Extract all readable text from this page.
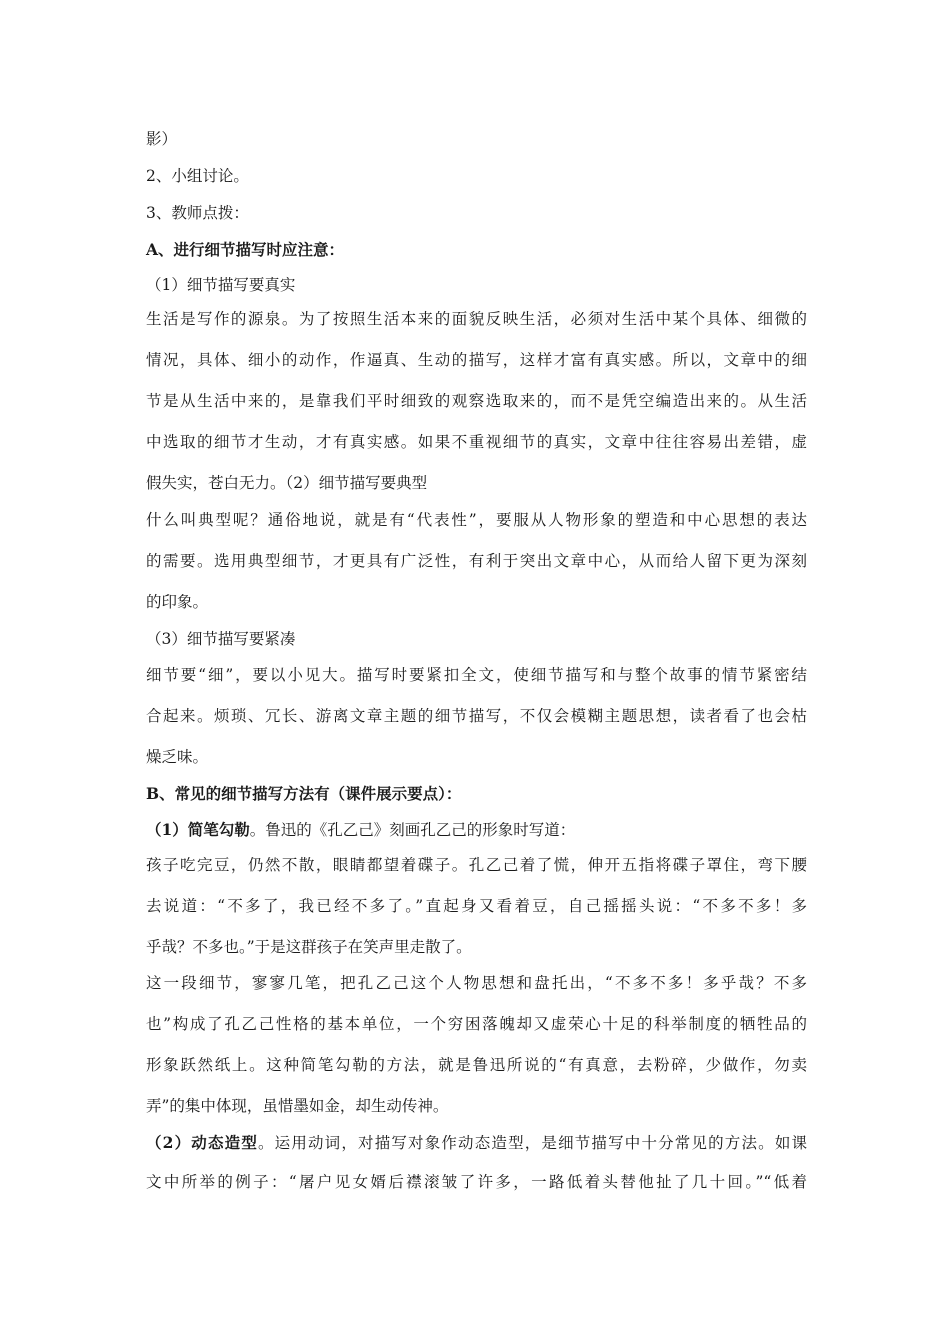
影）
2、小组讨论。
3、教师点拨：
A、进行细节描写时应注意：
（1）细节描写要真实
生活是写作的源泉。为了按照生活本来的面貌反映生活，必须对生活中某个具体、细微的
情况，具体、细小的动作，作逼真、生动的描写，这样才富有真实感。所以，文章中的细
节是从生活中来的，是靠我们平时细致的观察选取来的，而不是凭空编造出来的。从生活
中选取的细节才生动，才有真实感。如果不重视细节的真实，文章中往往容易出差错，虚
假失实，苍白无力。（2）细节描写要典型
什么叫典型呢？通俗地说，就是有“代表性”，要服从人物形象的塑造和中心思想的表达
的需要。选用典型细节，才更具有广泛性，有利于突出文章中心，从而给人留下更为深刻
的印象。
（3）细节描写要紧凑
细节要“细”，要以小见大。描写时要紧扣全文，使细节描写和与整个故事的情节紧密结
合起来。烦琐、冗长、游离文章主题的细节描写，不仅会模糊主题思想，读者看了也会枯
燥乏味。
B、常见的细节描写方法有（课件展示要点）：
（1）简笔勾勒。鲁迅的《孔乙己》刻画孔乙己的形象时写道：
孩子吃完豆，仍然不散，眼睛都望着碟子。孔乙己着了慌，伸开五指将碟子罩住，弯下腰
去说道：“不多了，我已经不多了。”直起身又看着豆，自己摇摇头说：“不多不多！多
乎哉？不多也。”于是这群孩子在笑声里走散了。
这一段细节，寥寥几笔，把孔乙己这个人物思想和盘托出，“不多不多！多乎哉？不多
也”构成了孔乙己性格的基本单位，一个穷困落魄却又虚荣心十足的科举制度的牺牲品的
形象跃然纸上。这种简笔勾勒的方法，就是鲁迅所说的“有真意，去粉碎，少做作，勿卖
弄”的集中体现，虽惜墨如金，却生动传神。
（2）动态造型。运用动词，对描写对象作动态造型，是细节描写中十分常见的方法。如课
文中所举的例子：“屠户见女婿后襟滚皱了许多，一路低着头替他扯了几十回。”“低着
